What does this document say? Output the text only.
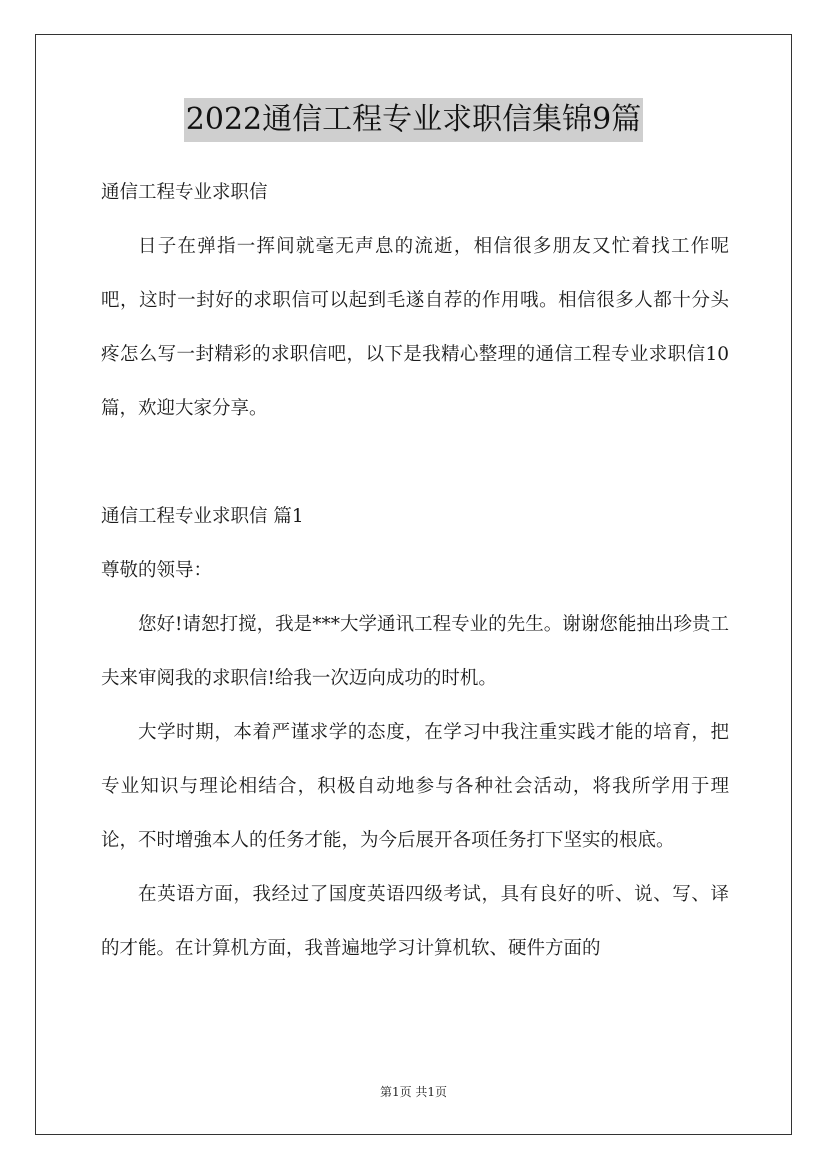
2022通信工程专业求职信集锦9篇

通信工程专业求职信

日子在弹指一挥间就毫无声息的流逝，相信很多朋友又忙着找工作呢吧，这时一封好的求职信可以起到毛遂自荐的作用哦。相信很多人都十分头疼怎么写一封精彩的求职信吧，以下是我精心整理的通信工程专业求职信10篇，欢迎大家分享。

通信工程专业求职信 篇1

尊敬的领导：

您好!请恕打搅，我是***大学通讯工程专业的先生。谢谢您能抽出珍贵工夫来审阅我的求职信!给我一次迈向成功的时机。

大学时期，本着严谨求学的态度，在学习中我注重实践才能的培育，把专业知识与理论相结合，积极自动地参与各种社会活动，将我所学用于理论，不时增強本人的任务才能，为今后展开各项任务打下坚实的根底。

在英语方面，我经过了国度英语四级考试，具有良好的听、说、写、译的才能。在计算机方面，我普遍地学习计算机软、硬件方面的

第1页 共1页
